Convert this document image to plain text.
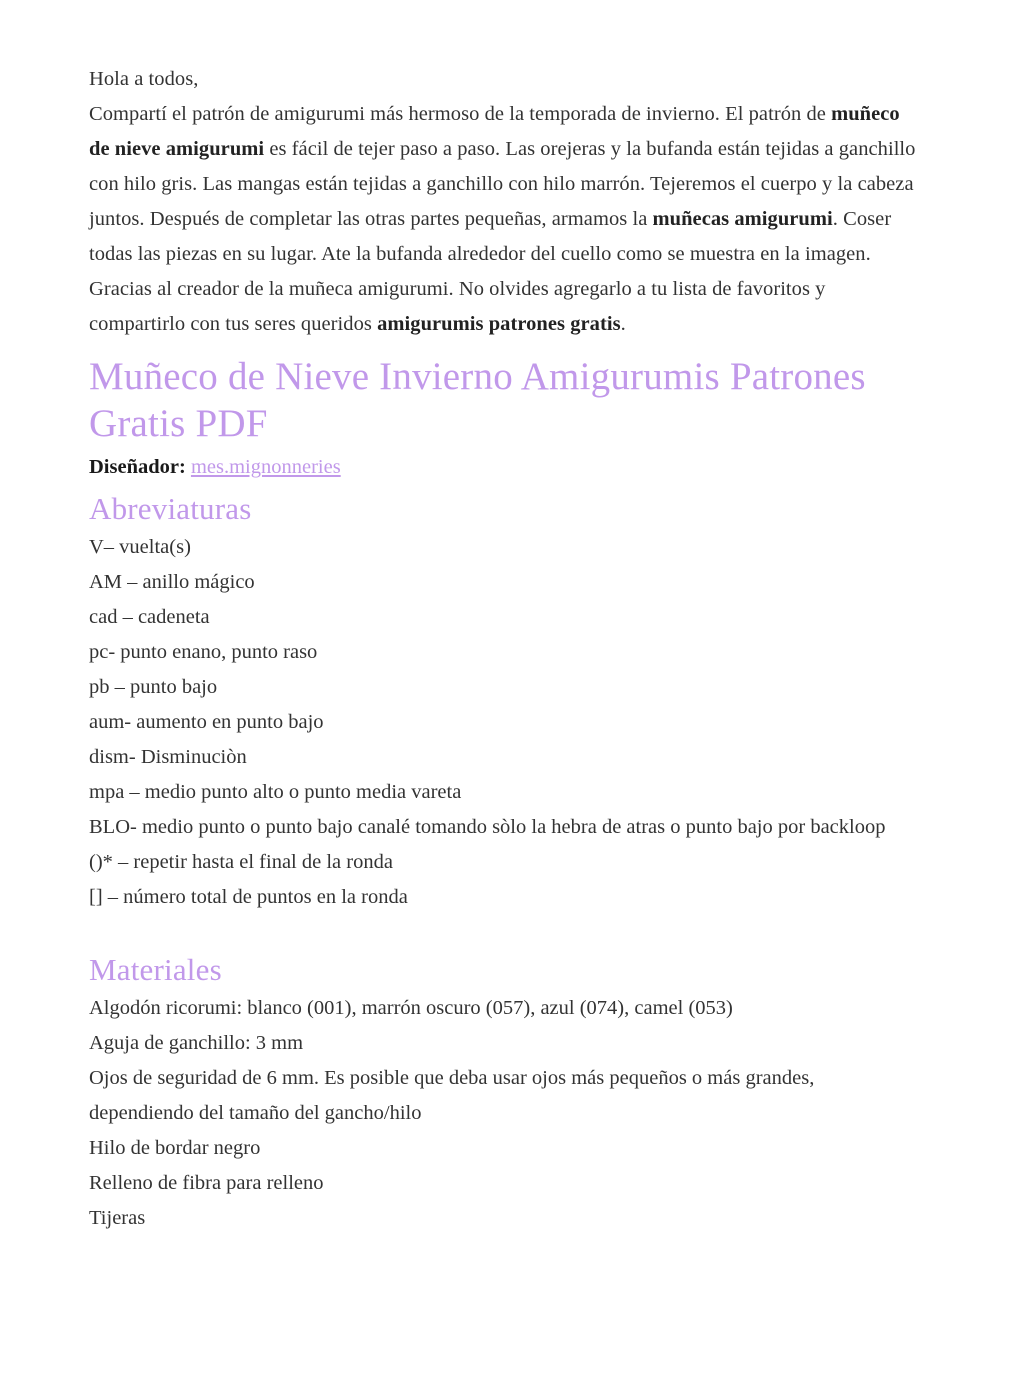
Hola a todos,

Compartí el patrón de amigurumi más hermoso de la temporada de invierno. El patrón de muñeco de nieve amigurumi es fácil de tejer paso a paso. Las orejeras y la bufanda están tejidas a ganchillo con hilo gris. Las mangas están tejidas a ganchillo con hilo marrón. Tejeremos el cuerpo y la cabeza juntos. Después de completar las otras partes pequeñas, armamos la muñecas amigurumi. Coser todas las piezas en su lugar. Ate la bufanda alrededor del cuello como se muestra en la imagen. Gracias al creador de la muñeca amigurumi. No olvides agregarlo a tu lista de favoritos y compartirlo con tus seres queridos amigurumis patrones gratis.

Muñeco de Nieve Invierno Amigurumis Patrones Gratis PDF

Diseñador: mes.mignonneries

Abreviaturas

V– vuelta(s)

AM – anillo mágico

cad – cadeneta

pc- punto enano, punto raso

pb – punto bajo

aum- aumento en punto bajo

dism- Disminuciòn

mpa – medio punto alto o punto media vareta

BLO- medio punto o punto bajo canalé tomando sòlo la hebra de atras o punto bajo por backloop

()* – repetir hasta el final de la ronda

[] – número total de puntos en la ronda

Materiales

Algodón ricorumi: blanco (001), marrón oscuro (057), azul (074), camel (053)

Aguja de ganchillo: 3 mm

Ojos de seguridad de 6 mm. Es posible que deba usar ojos más pequeños o más grandes, dependiendo del tamaño del gancho/hilo

Hilo de bordar negro

Relleno de fibra para relleno

Tijeras
